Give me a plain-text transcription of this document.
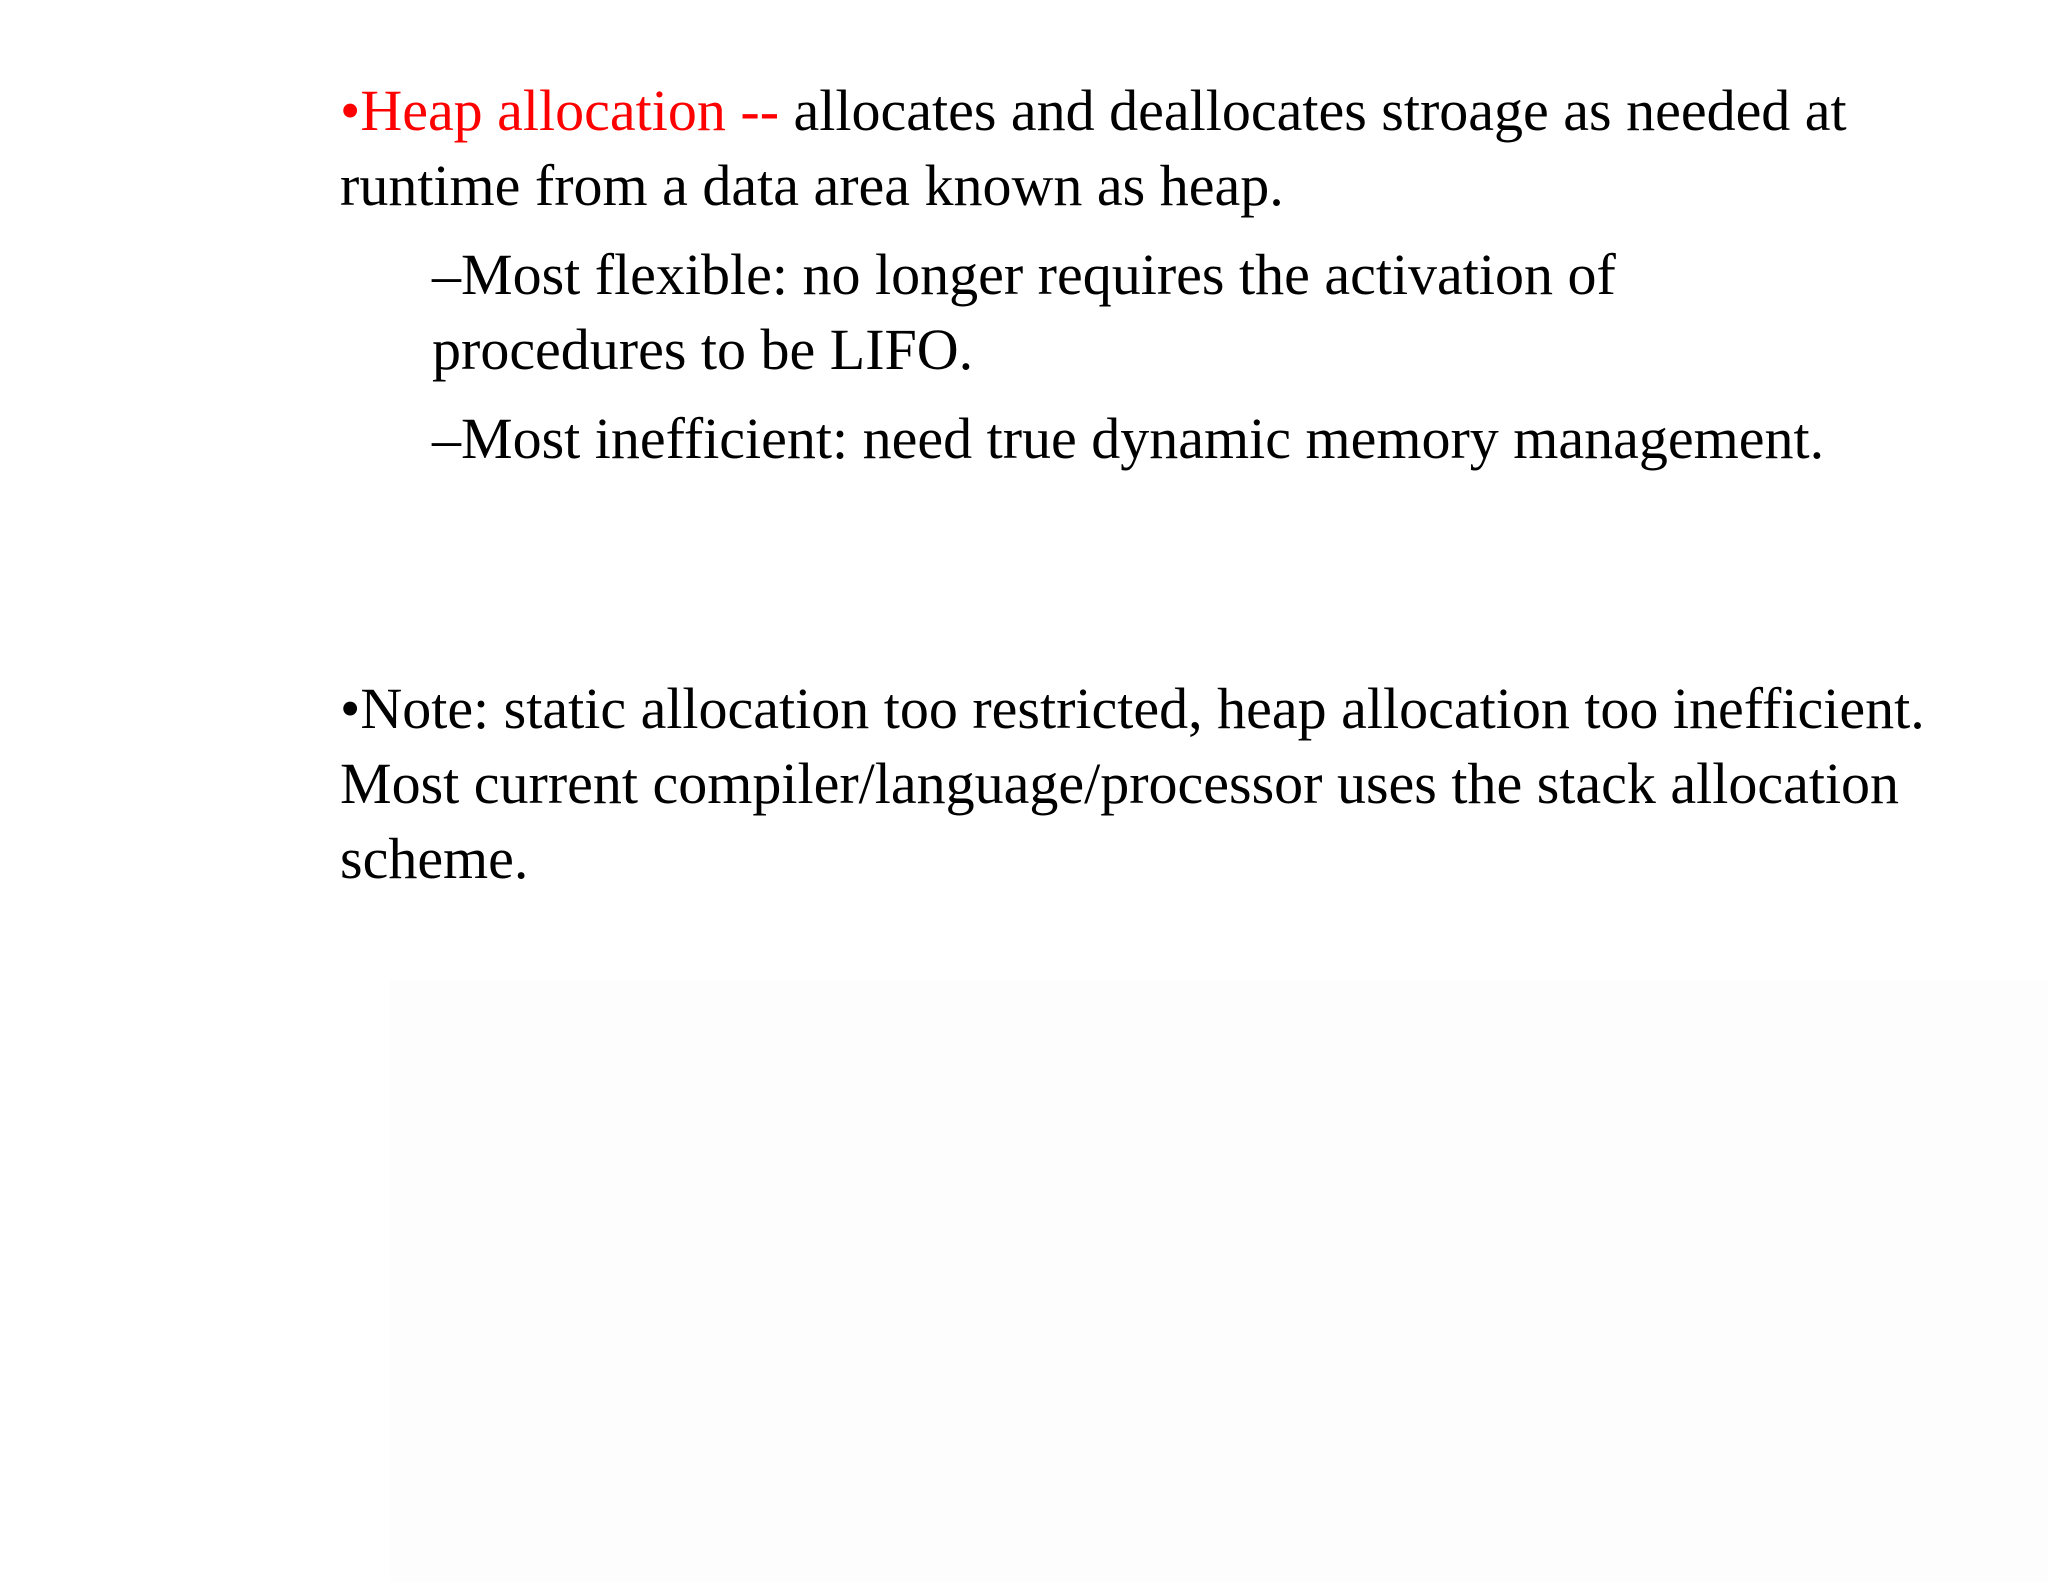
•Heap allocation -- allocates and deallocates stroage as needed at runtime from a data area known as heap.

–Most flexible: no longer requires the activation of procedures to be LIFO.

–Most inefficient: need true dynamic memory management.

•Note: static allocation too restricted, heap allocation too inefficient. Most current compiler/language/processor uses the stack allocation scheme.
